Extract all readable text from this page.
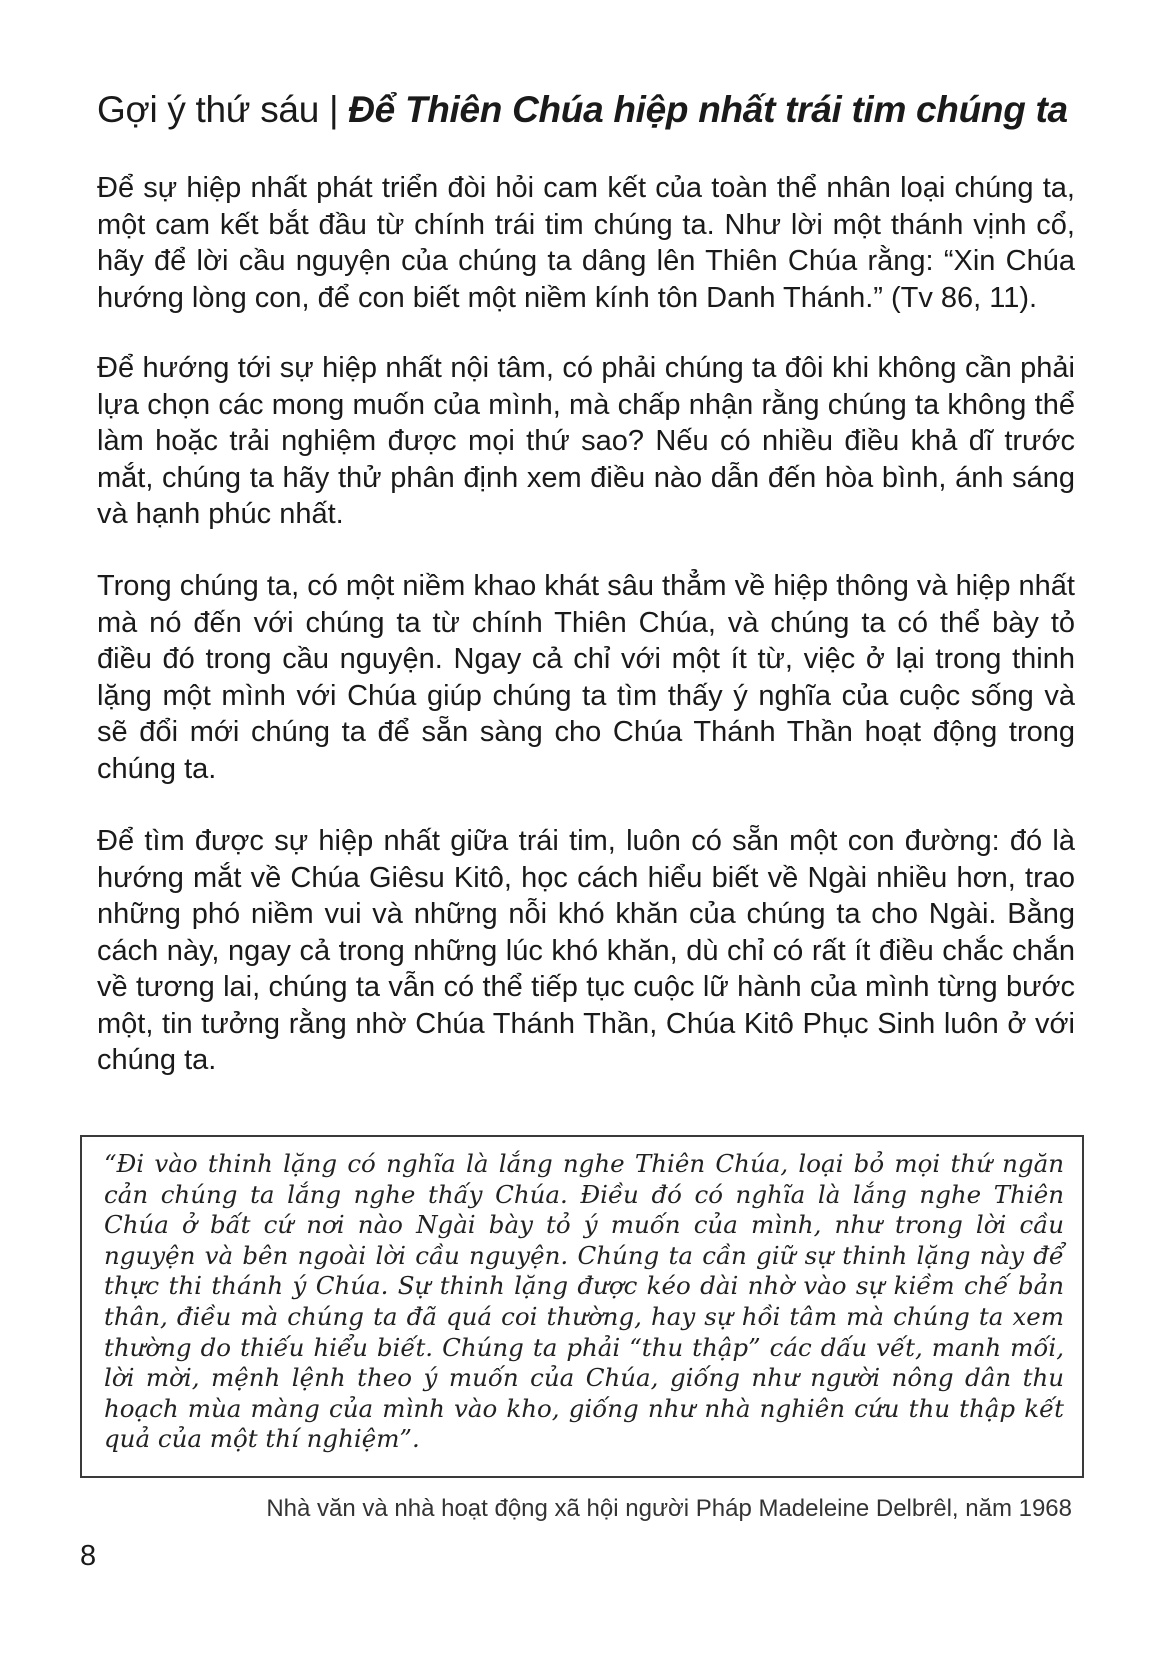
Gợi ý thứ sáu | Để Thiên Chúa hiệp nhất trái tim chúng ta

Để sự hiệp nhất phát triển đòi hỏi cam kết của toàn thể nhân loại chúng ta, một cam kết bắt đầu từ chính trái tim chúng ta. Như lời một thánh vịnh cổ, hãy để lời cầu nguyện của chúng ta dâng lên Thiên Chúa rằng: “Xin Chúa hướng lòng con, để con biết một niềm kính tôn Danh Thánh.” (Tv 86, 11).

Để hướng tới sự hiệp nhất nội tâm, có phải chúng ta đôi khi không cần phải lựa chọn các mong muốn của mình, mà chấp nhận rằng chúng ta không thể làm hoặc trải nghiệm được mọi thứ sao? Nếu có nhiều điều khả dĩ trước mắt, chúng ta hãy thử phân định xem điều nào dẫn đến hòa bình, ánh sáng và hạnh phúc nhất.

Trong chúng ta, có một niềm khao khát sâu thẳm về hiệp thông và hiệp nhất mà nó đến với chúng ta từ chính Thiên Chúa, và chúng ta có thể bày tỏ điều đó trong cầu nguyện. Ngay cả chỉ với một ít từ, việc ở lại trong thinh lặng một mình với Chúa giúp chúng ta tìm thấy ý nghĩa của cuộc sống và sẽ đổi mới chúng ta để sẵn sàng cho Chúa Thánh Thần hoạt động trong chúng ta.

Để tìm được sự hiệp nhất giữa trái tim, luôn có sẵn một con đường: đó là hướng mắt về Chúa Giêsu Kitô, học cách hiểu biết về Ngài nhiều hơn, trao những phó niềm vui và những nỗi khó khăn của chúng ta cho Ngài. Bằng cách này, ngay cả trong những lúc khó khăn, dù chỉ có rất ít điều chắc chắn về tương lai, chúng ta vẫn có thể tiếp tục cuộc lữ hành của mình từng bước một, tin tưởng rằng nhờ Chúa Thánh Thần, Chúa Kitô Phục Sinh luôn ở với chúng ta.

“Đi vào thinh lặng có nghĩa là lắng nghe Thiên Chúa, loại bỏ mọi thứ ngăn cản chúng ta lắng nghe thấy Chúa. Điều đó có nghĩa là lắng nghe Thiên Chúa ở bất cứ nơi nào Ngài bày tỏ ý muốn của mình, như trong lời cầu nguyện và bên ngoài lời cầu nguyện. Chúng ta cần giữ sự thinh lặng này để thực thi thánh ý Chúa. Sự thinh lặng được kéo dài nhờ vào sự kiềm chế bản thân, điều mà chúng ta đã quá coi thường, hay sự hồi tâm mà chúng ta xem thường do thiếu hiểu biết. Chúng ta phải “thu thập” các dấu vết, manh mối, lời mời, mệnh lệnh theo ý muốn của Chúa, giống như người nông dân thu hoạch mùa màng của mình vào kho, giống như nhà nghiên cứu thu thập kết quả của một thí nghiệm”.

Nhà văn và nhà hoạt động xã hội người Pháp Madeleine Delbrêl, năm 1968

8
